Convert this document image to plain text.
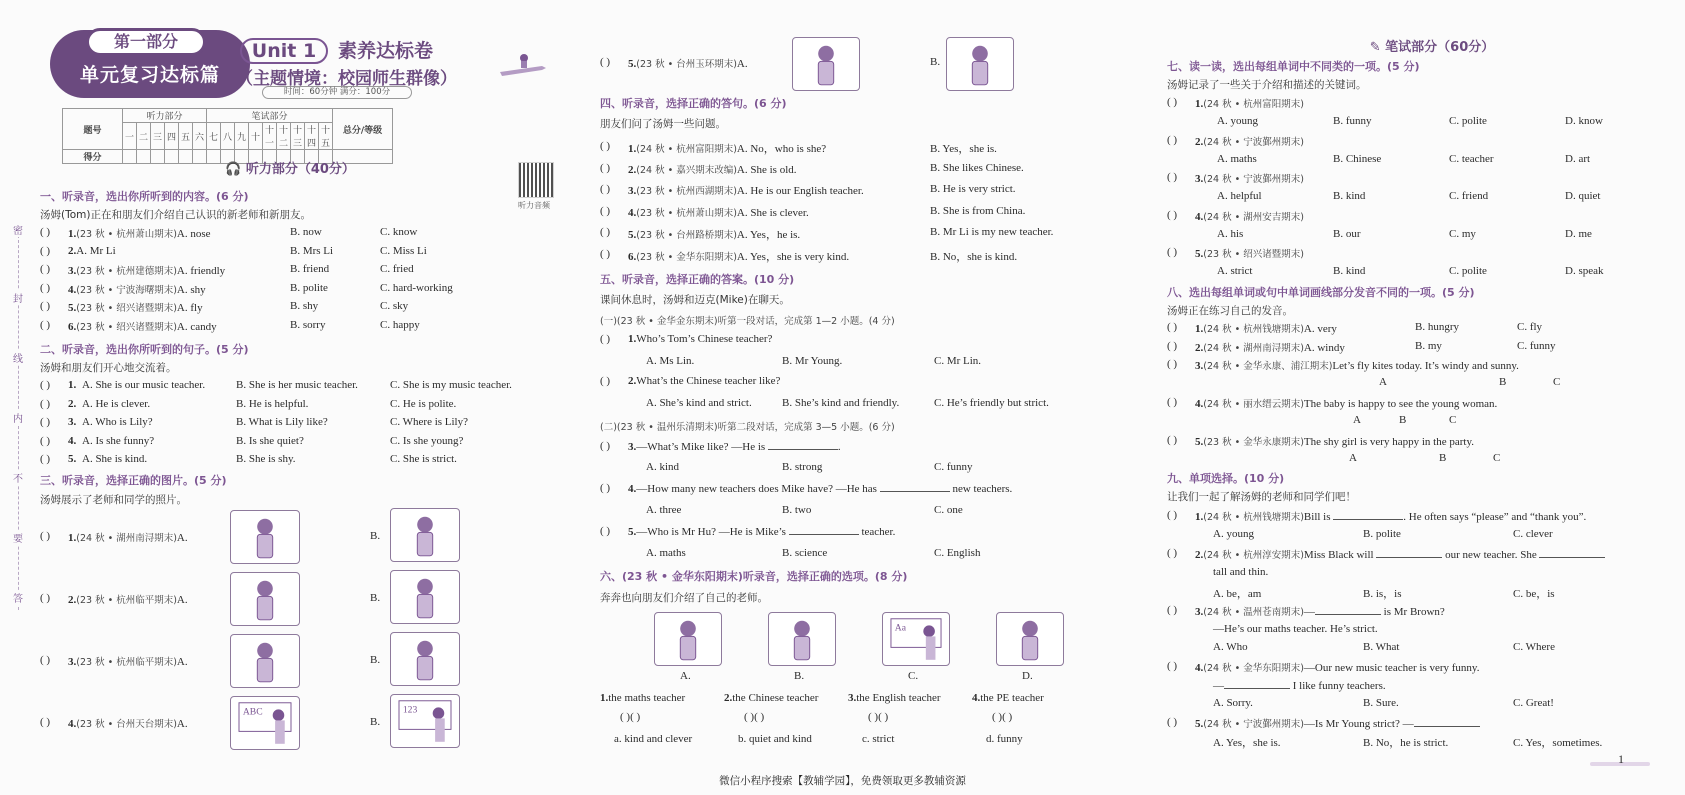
密
封
线
内
不
要
答
第一部分
单元复习达标篇
Unit 1	素养达标卷
（主题情境：校园师生群像）
时间：60分钟 满分：100分
题号	听力部分						笔试部分									总分/等级
	一	二	三	四	五	六	七	八	九	十	十一	十二	十三	十四	十五	
得分																
🎧 听力部分（40分）
听力音频
一、听录音，选出你所听到的内容。(6 分)
汤姆(Tom)正在和朋友们介绍自己认识的新老师和新朋友。
二、听录音，选出你所听到的句子。(5 分)
汤姆和朋友们开心地交流着。
三、听录音，选择正确的图片。(5 分)
汤姆展示了老师和同学的照片。
( ) 1.(23 秋 • 杭州萧山期末)A. nose	B. now	C. know
( ) 2.A. Mr Li	B. Mrs Li	C. Miss Li
( ) 3.(23 秋 • 杭州建德期末)A. friendly	B. friend	C. fried
( ) 4.(23 秋 • 宁波海曙期末)A. shy	B. polite	C. hard-working
( ) 5.(23 秋 • 绍兴诸暨期末)A. fly	B. shy	C. sky
( ) 6.(23 秋 • 绍兴诸暨期末)A. candy	B. sorry	C. happy
( ) 1. A. She is our music teacher.	B. She is her music teacher.	C. She is my music teacher.
( ) 2. A. He is clever.	B. He is helpful.	C. He is polite.
( ) 3. A. Who is Lily?	B. What is Lily like?	C. Where is Lily?
( ) 4. A. Is she funny?	B. Is she quiet?	C. Is she young?
( ) 5. A. She is kind.	B. She is shy.	C. She is strict.
( ) 1.(24 秋 • 湖州南浔期末)A.	B.
( ) 2.(23 秋 • 杭州临平期末)A.	B.
( ) 3.(23 秋 • 杭州临平期末)A.	B.
( ) 4.(23 秋 • 台州天台期末)A.	B.
ABC	123
四、听录音，选择正确的答句。(6 分)
朋友们问了汤姆一些问题。
五、听录音，选择正确的答案。(10 分)
课间休息时，汤姆和迈克(Mike)在聊天。
(一)(23 秋 • 金华金东期末)听第一段对话，完成第 1—2 小题。(4 分)
(二)(23 秋 • 温州乐清期末)听第二段对话，完成第 3—5 小题。(6 分)
六、(23 秋 • 金华东阳期末)听录音，选择正确的选项。(8 分)
奔奔也向朋友们介绍了自己的老师。
( ) 5.(23 秋 • 台州玉环期末)A.	B.
( ) 1.(24 秋 • 杭州富阳期末)A. No，who is she?	B. Yes，she is.
( ) 2.(24 秋 • 嘉兴期末改编)A. She is old.	B. She likes Chinese.
( ) 3.(23 秋 • 杭州西湖期末)A. He is our English teacher.	B. He is very strict.
( ) 4.(23 秋 • 杭州萧山期末)A. She is clever.	B. She is from China.
( ) 5.(23 秋 • 台州路桥期末)A. Yes，he is.	B. Mr Li is my new teacher.
( ) 6.(23 秋 • 金华东阳期末)A. Yes，she is very kind.	B. No，she is kind.
( ) 1.Who’s Tom’s Chinese teacher?
A. Ms Lin.	B. Mr Young.	C. Mr Lin.
( ) 2.What’s the Chinese teacher like?
A. She’s kind and strict.	B. She’s kind and friendly.	C. He’s friendly but strict.
( ) 3.—What’s Mike like? —He is	.
A. kind	B. strong	C. funny
( ) 4.—How many new teachers does Mike have? —He has	new teachers.
A. three	B. two	C. one
( ) 5.—Who is Mr Hu? —He is Mike’s	teacher.
A. maths	B. science	C. English
A.	B.
Aa
C.	D.
1.the maths teacher
( )( )
a. kind and clever
2.the Chinese teacher
( )( )
b. quiet and kind
3.the English teacher
( )( )
c. strict
4.the PE teacher
( )( )
d. funny
✎ 笔试部分（60分）
七、读一读，选出每组单词中不同类的一项。(5 分)
汤姆记录了一些关于介绍和描述的关键词。
八、选出每组单词或句中单词画线部分发音不同的一项。(5 分)
汤姆正在练习自己的发音。
九、单项选择。(10 分)
让我们一起了解汤姆的老师和同学们吧！
( ) 1.(24 秋 • 杭州富阳期末)
A. young	B. funny	C. polite	D. know
( ) 2.(24 秋 • 宁波鄞州期末)
A. maths	B. Chinese	C. teacher	D. art
( ) 3.(24 秋 • 宁波鄞州期末)
A. helpful	B. kind	C. friend	D. quiet
( ) 4.(24 秋 • 湖州安吉期末)
A. his	B. our	C. my	D. me
( ) 5.(23 秋 • 绍兴诸暨期末)
A. strict	B. kind	C. polite	D. speak
( ) 1.(24 秋 • 杭州钱塘期末)A. very	B. hungry	C. fly
( ) 2.(24 秋 • 湖州南浔期末)A. windy	B. my	C. funny
( ) 3.(24 秋 • 金华永康、浦江期末)Let’s fly kites today. It’s windy and sunny.
A	B	C
( ) 4.(24 秋 • 丽水缙云期末)The baby is happy to see the young woman.
A	B	C
( ) 5.(23 秋 • 金华永康期末)The shy girl is very happy in the party.
A	B	C
( ) 1.(24 秋 • 杭州钱塘期末)Bill is	. He often says “please” and “thank you”.
A. young	B. polite	C. clever
( ) 2.(24 秋 • 杭州淳安期末)Miss Black will	our new teacher. She
tall and thin.
A. be，am	B. is，is	C. be，is
( ) 3.(24 秋 • 温州苍南期末)—	is Mr Brown?
—He’s our maths teacher. He’s strict.
A. Who	B. What	C. Where
( ) 4.(24 秋 • 金华东阳期末)—Our new music teacher is very funny.
—	I like funny teachers.
A. Sorry.	B. Sure.	C. Great!
( ) 5.(24 秋 • 宁波鄞州期末)—Is Mr Young strict? —
A. Yes，she is.	B. No，he is strict.	C. Yes，sometimes.
1
微信小程序搜索【教辅学园】，免费领取更多教辅资源
